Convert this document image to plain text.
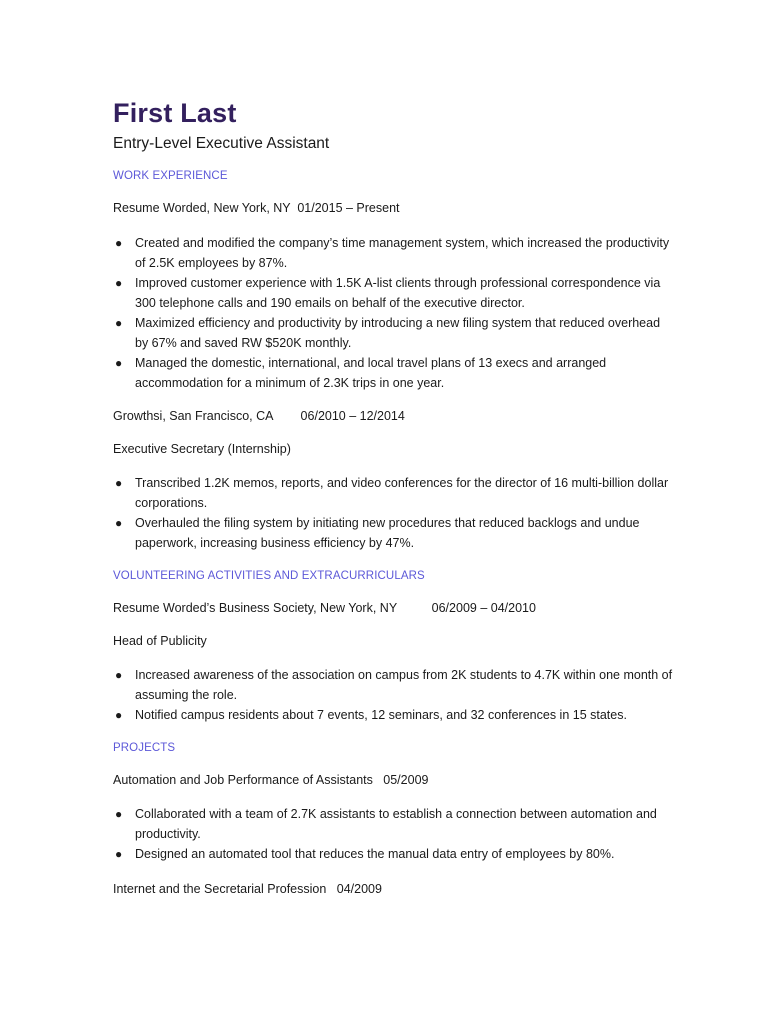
First Last

Entry-Level Executive Assistant

WORK EXPERIENCE

Resume Worded, New York, NY  01/2015 – Present

● Created and modified the company’s time management system, which increased the productivity of 2.5K employees by 87%.
● Improved customer experience with 1.5K A-list clients through professional correspondence via 300 telephone calls and 190 emails on behalf of the executive director.
● Maximized efficiency and productivity by introducing a new filing system that reduced overhead by 67% and saved RW $520K monthly.
● Managed the domestic, international, and local travel plans of 13 execs and arranged accommodation for a minimum of 2.3K trips in one year.

Growthsi, San Francisco, CA        06/2010 – 12/2014

Executive Secretary (Internship)

● Transcribed 1.2K memos, reports, and video conferences for the director of 16 multi-billion dollar corporations.
● Overhauled the filing system by initiating new procedures that reduced backlogs and undue paperwork, increasing business efficiency by 47%.

VOLUNTEERING ACTIVITIES AND EXTRACURRICULARS

Resume Worded’s Business Society, New York, NY          06/2009 – 04/2010

Head of Publicity

● Increased awareness of the association on campus from 2K students to 4.7K within one month of assuming the role.
● Notified campus residents about 7 events, 12 seminars, and 32 conferences in 15 states.

PROJECTS

Automation and Job Performance of Assistants   05/2009

● Collaborated with a team of 2.7K assistants to establish a connection between automation and productivity.
● Designed an automated tool that reduces the manual data entry of employees by 80%.

Internet and the Secretarial Profession   04/2009
